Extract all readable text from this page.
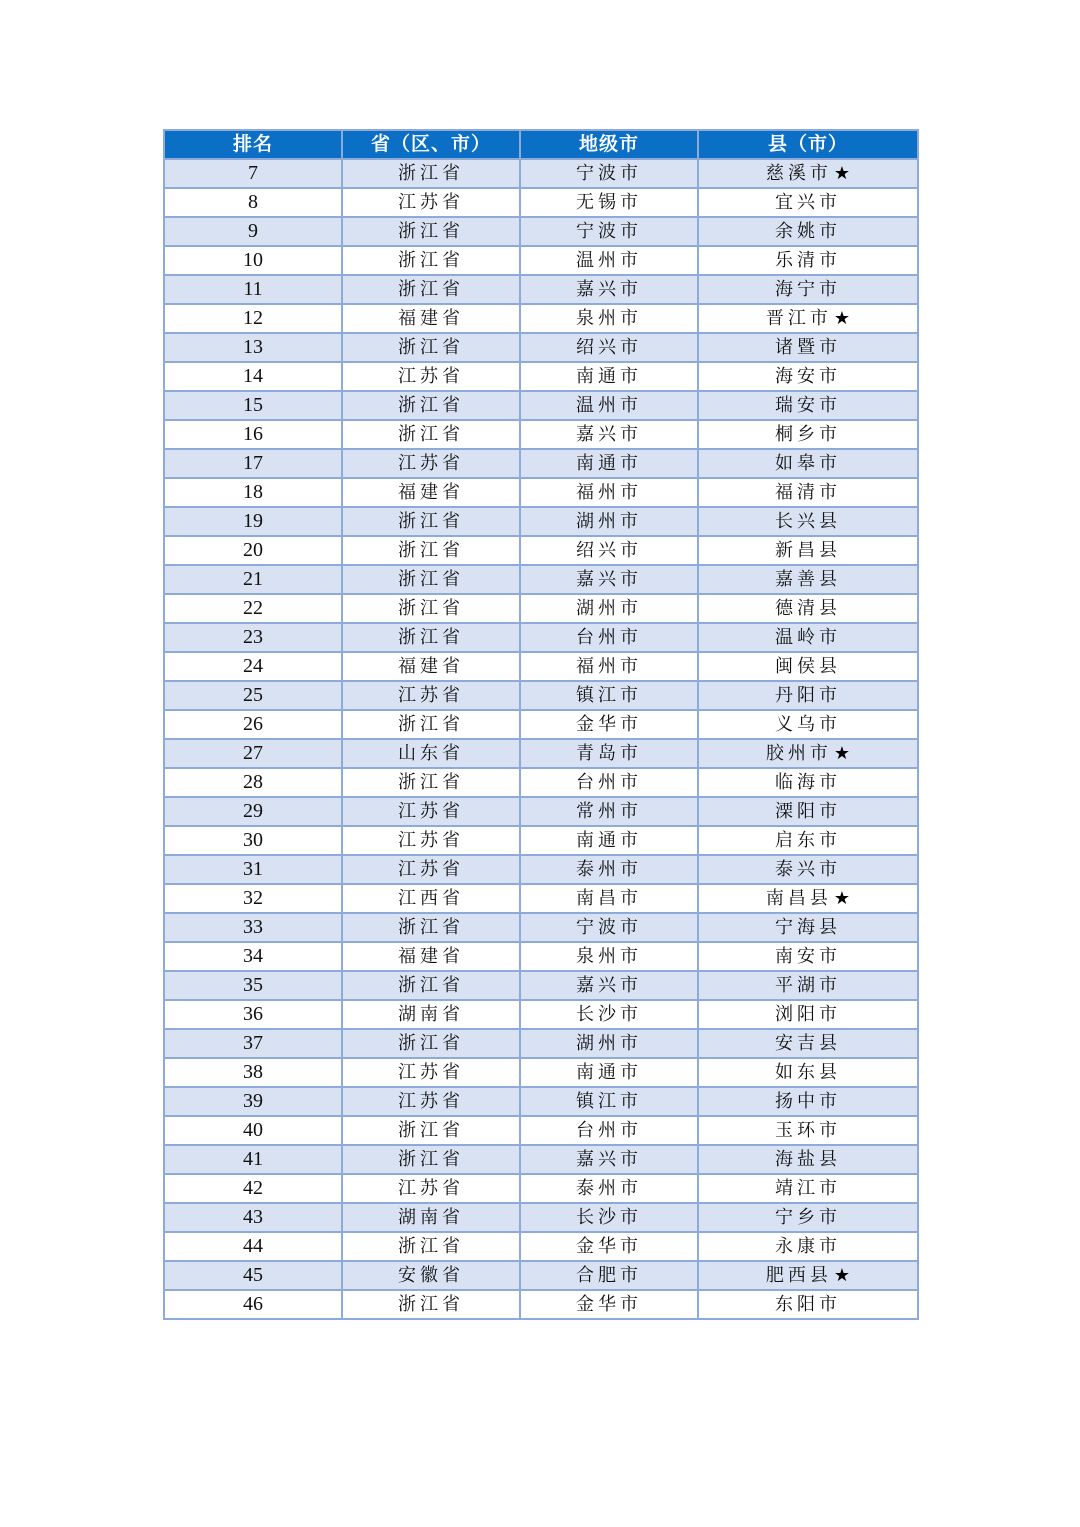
排名	省（区、市）	地级市	县（市）
7	浙江省	宁波市	慈溪市 ★
8	江苏省	无锡市	宜兴市
9	浙江省	宁波市	余姚市
10	浙江省	温州市	乐清市
11	浙江省	嘉兴市	海宁市
12	福建省	泉州市	晋江市 ★
13	浙江省	绍兴市	诸暨市
14	江苏省	南通市	海安市
15	浙江省	温州市	瑞安市
16	浙江省	嘉兴市	桐乡市
17	江苏省	南通市	如皋市
18	福建省	福州市	福清市
19	浙江省	湖州市	长兴县
20	浙江省	绍兴市	新昌县
21	浙江省	嘉兴市	嘉善县
22	浙江省	湖州市	德清县
23	浙江省	台州市	温岭市
24	福建省	福州市	闽侯县
25	江苏省	镇江市	丹阳市
26	浙江省	金华市	义乌市
27	山东省	青岛市	胶州市 ★
28	浙江省	台州市	临海市
29	江苏省	常州市	溧阳市
30	江苏省	南通市	启东市
31	江苏省	泰州市	泰兴市
32	江西省	南昌市	南昌县 ★
33	浙江省	宁波市	宁海县
34	福建省	泉州市	南安市
35	浙江省	嘉兴市	平湖市
36	湖南省	长沙市	浏阳市
37	浙江省	湖州市	安吉县
38	江苏省	南通市	如东县
39	江苏省	镇江市	扬中市
40	浙江省	台州市	玉环市
41	浙江省	嘉兴市	海盐县
42	江苏省	泰州市	靖江市
43	湖南省	长沙市	宁乡市
44	浙江省	金华市	永康市
45	安徽省	合肥市	肥西县 ★
46	浙江省	金华市	东阳市
